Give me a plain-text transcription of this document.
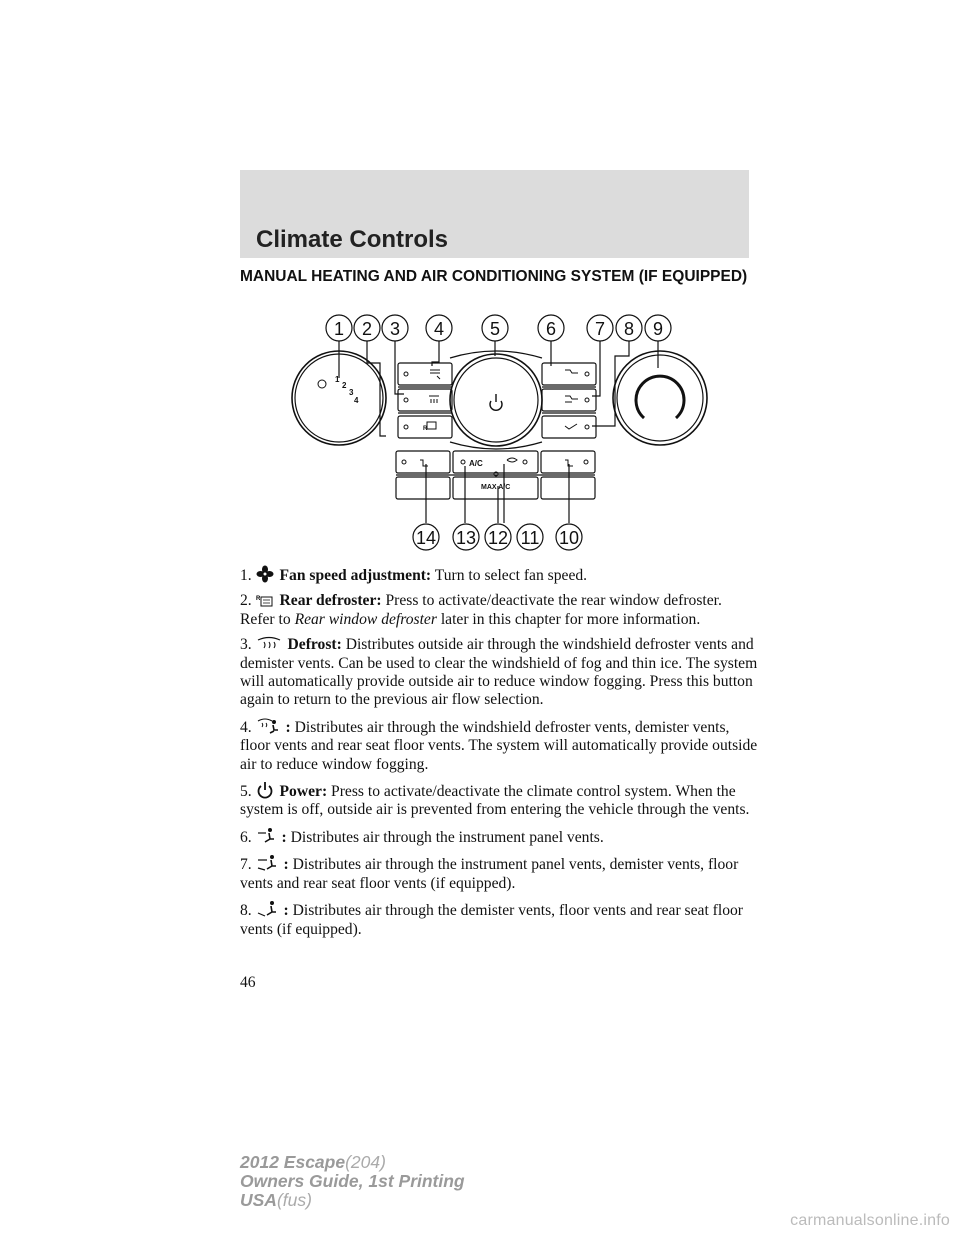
Climate Controls
MANUAL HEATING AND AIR CONDITIONING SYSTEM (IF EQUIPPED)
1 2 3 4	5	6 7 8 9
14 13 12 11 10
1
2
3
4
R
A/C
MAX A/C
1. Fan speed adjustment: Turn to select fan speed.
2. R Rear defroster: Press to activate/deactivate the rear window defroster. Refer to Rear window defroster later in this chapter for more information.
3. Defrost: Distributes outside air through the windshield defroster vents and demister vents. Can be used to clear the windshield of fog and thin ice. The system will automatically provide outside air to reduce window fogging. Press this button again to return to the previous air flow selection.
4. : Distributes air through the windshield defroster vents, demister vents, floor vents and rear seat floor vents. The system will automatically provide outside air to reduce window fogging.
5. Power: Press to activate/deactivate the climate control system. When the system is off, outside air is prevented from entering the vehicle through the vents.
6. : Distributes air through the instrument panel vents.
7. : Distributes air through the instrument panel vents, demister vents, floor vents and rear seat floor vents (if equipped).
8. : Distributes air through the demister vents, floor vents and rear seat floor vents (if equipped).
46
2012 Escape(204)
Owners Guide, 1st Printing
USA(fus)
carmanualsonline.info
